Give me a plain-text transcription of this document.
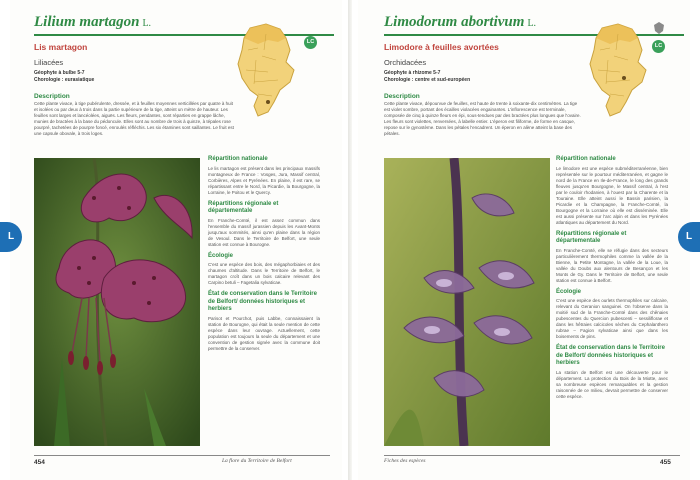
Lilium martagon L.
Lis martagon
Liliacées
Géophyte à bulbe 5-7
Chorologie : eurasiatique
Description
Cette plante vivace, à tige pubérulente, dressée, et à feuilles moyennes verticillées par quatre à huit et isolées ou par deux à trois dans la partie supérieure de la tige, atteint un mètre de hauteur. Les feuilles sont larges et lancéolées, aiguës. Les fleurs, pendantes, sont réparties en grappe lâche, munies de bractées à la base du pédoncule. Elles sont au nombre de trois à quinze, à tépales rose pourpré, tachetées de pourpre foncé, enroulés réfléchis. Les six étamines sont saillantes. Le fruit est une capsule obovale, à trois loges.
LC
Répartition nationale
Le lis martagon est présent dans les principaux massifs montagneux de France : Vosges, Jura, Massif central, Corbières, Alpes et Pyrénées. En plaine, il est rare, se répartissant entre le Nord, la Picardie, la Bourgogne, la Lorraine, le Poitou et le Quercy.
Répartitions régionale et départementale
En Franche-Comté, il est assez commun dans l'ensemble du massif jurassien depuis les Avant-Monts jusqu'aux sommités, ainsi qu'en plaine dans la région de Vesoul. Dans le Territoire de Belfort, une seule station est connue à Bourogne.
Écologie
C'est une espèce des bois, des mégaphorbiaies et des chaumes d'altitude. Dans le Territoire de Belfort, le martagon croît dans un bois calcaire relevant des Carpino betuli – Fagetalia sylvaticae.
État de conservation dans le Territoire de Belfort/ données historiques et herbiers
Parisot et Pourchot, puis Labbe, connaissaient la station de Bourogne, qui était la seule mention de cette espèce dans leur ouvrage. Actuellement, cette population est toujours la seule du département et une convention de gestion signée avec la commune doit permettre de la conserver.
454	La flore du Territoire de Belfort
Limodorum abortivum L.
Limodore à feuilles avortées
Orchidacées
Géophyte à rhizome 5-7
Chorologie : centre et sud-européen
Description
Cette plante vivace, dépourvue de feuilles, est haute de trente à soixante-dix centimètres. La tige est violet sombre, portant des écailles violacées engainantes. L'inflorescence est terminale, composée de cinq à quinze fleurs en épi, sous-tendues par des bractées plus longues que l'ovaire. Les fleurs sont violettes, renversées, à labelle entier. L'éperon est filiforme, de forme en casque, repose sur le gynostème. Dans les pétales l'encadrent. Un éperon en alène atteint la base des pétales.
LC
Répartition nationale
Le limodore est une espèce subméditerranéenne, bien représentée sur le pourtour méditerranéen, et gagne le nord de la France en Ile-de-France, le long des grands fleuves jusqu'en Bourgogne, le Massif central, à l'est par le couloir rhodanien, à l'ouest par la Charente et la Touraine. Elle atteint aussi le Bassin parisien, la Picardie et la Champagne, la Franche-Comté, la Bourgogne et la Lorraine où elle est disséminée. Elle est aussi présente sur l'arc alpin et dans les Pyrénées atlantiques au département du Nord.
Répartitions régionale et départementale
En Franche-Comté, elle se réfugie dans des secteurs particulièrement thermophiles comme la vallée de la Bienne, la Petite Montagne, la vallée de la Loue, la vallée du Doubs aux alentours de Besançon et les Monts de Gy. Dans le Territoire de Belfort, une seule station est connue à Belfort.
Écologie
C'est une espèce des ourlets thermophiles sur calcaire, relevant du Geranion sanguinei. On l'observe dans la moitié sud de la Franche-Comté dans des chênaies pubescentes du Quercion pubescenti – sessiliflorae et dans les hêtraies calcicoles sèches du Cephalanthero rubrae – Fagion sylvaticae ainsi que dans les boisements de pins.
État de conservation dans le Territoire de Belfort/ données historiques et herbiers
La station de Belfort est une découverte pour le département. La protection du Bois de la Miotte, avec sa nombreuse espèces remarquables et la gestion raisonnée de ce milieu, devrait permettre de conserver cette espèce.
Fiches des espèces	455
L	L
